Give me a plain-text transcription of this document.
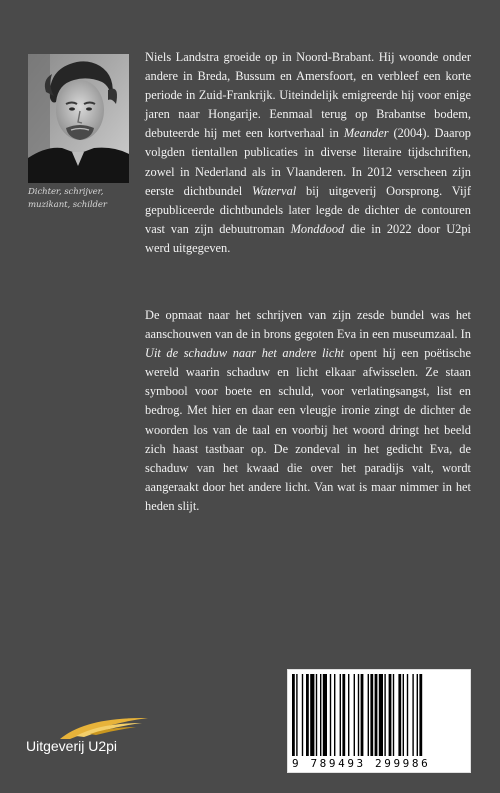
Dichter, schrijver, muzikant, schilder

Niels Landstra groeide op in Noord-Brabant. Hij woonde onder andere in Breda, Bussum en Amersfoort, en verbleef een korte periode in Zuid-Frankrijk. Uiteindelijk emigreerde hij voor enige jaren naar Hongarije. Eenmaal terug op Brabantse bodem, debuteerde hij met een kortverhaal in Meander (2004). Daarop volgden tientallen publicaties in diverse literaire tijdschriften, zowel in Nederland als in Vlaanderen. In 2012 verscheen zijn eerste dichtbundel Waterval bij uitgeverij Oorsprong. Vijf gepubliceerde dichtbundels later legde de dichter de contouren vast van zijn debuutroman Monddood die in 2022 door U2pi werd uitgegeven.

De opmaat naar het schrijven van zijn zesde bundel was het aanschouwen van de in brons gegoten Eva in een museumzaal. In Uit de schaduw naar het andere licht opent hij een poëtische wereld waarin schaduw en licht elkaar afwisselen. Ze staan symbool voor boete en schuld, voor verlatingsangst, list en bedrog. Met hier en daar een vleugje ironie zingt de dichter de woorden los van de taal en voorbij het woord dringt het beeld zich haast tastbaar op. De zondeval in het gedicht Eva, de schaduw van het kwaad die over het paradijs valt, wordt aangeraakt door het andere licht. Van wat is maar nimmer in het heden slijt.

Uitgeverij U2pi
9 789493 299986
